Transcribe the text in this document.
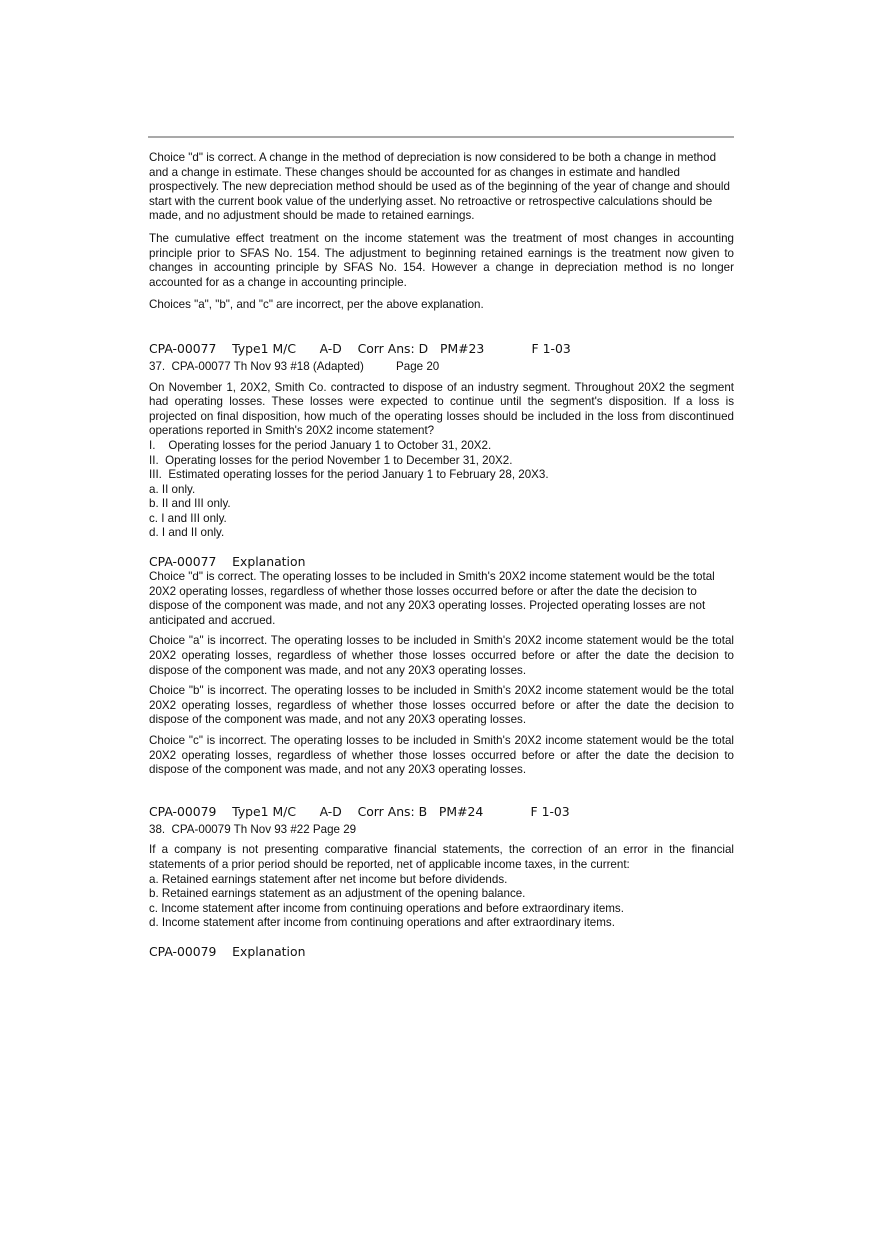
Choice "d" is correct. A change in the method of depreciation is now considered to be both a change in method and a change in estimate. These changes should be accounted for as changes in estimate and handled prospectively. The new depreciation method should be used as of the beginning of the year of change and should start with the current book value of the underlying asset. No retroactive or retrospective calculations should be made, and no adjustment should be made to retained earnings.

The cumulative effect treatment on the income statement was the treatment of most changes in accounting principle prior to SFAS No. 154. The adjustment to beginning retained earnings is the treatment now given to changes in accounting principle by SFAS No. 154. However a change in depreciation method is no longer accounted for as a change in accounting principle.

Choices "a", "b", and "c" are incorrect, per the above explanation.

CPA-00077    Type1 M/C      A-D    Corr Ans: D   PM#23            F 1-03

37.  CPA-00077 Th Nov 93 #18 (Adapted)          Page 20

On November 1, 20X2, Smith Co. contracted to dispose of an industry segment. Throughout 20X2 the segment had operating losses. These losses were expected to continue until the segment's disposition. If a loss is projected on final disposition, how much of the operating losses should be included in the loss from discontinued operations reported in Smith's 20X2 income statement?

I.    Operating losses for the period January 1 to October 31, 20X2.
II.  Operating losses for the period November 1 to December 31, 20X2.
III.  Estimated operating losses for the period January 1 to February 28, 20X3.
a. II only.
b. II and III only.
c. I and III only.
d. I and II only.
CPA-00077    Explanation

Choice "d" is correct. The operating losses to be included in Smith's 20X2 income statement would be the total 20X2 operating losses, regardless of whether those losses occurred before or after the date the decision to dispose of the component was made, and not any 20X3 operating losses. Projected operating losses are not anticipated and accrued.

Choice "a" is incorrect. The operating losses to be included in Smith's 20X2 income statement would be the total 20X2 operating losses, regardless of whether those losses occurred before or after the date the decision to dispose of the component was made, and not any 20X3 operating losses.

Choice "b" is incorrect. The operating losses to be included in Smith's 20X2 income statement would be the total 20X2 operating losses, regardless of whether those losses occurred before or after the date the decision to dispose of the component was made, and not any 20X3 operating losses.

Choice "c" is incorrect. The operating losses to be included in Smith's 20X2 income statement would be the total 20X2 operating losses, regardless of whether those losses occurred before or after the date the decision to dispose of the component was made, and not any 20X3 operating losses.

CPA-00079    Type1 M/C      A-D    Corr Ans: B   PM#24            F 1-03

38.  CPA-00079 Th Nov 93 #22 Page 29

If a company is not presenting comparative financial statements, the correction of an error in the financial statements of a prior period should be reported, net of applicable income taxes, in the current:

a. Retained earnings statement after net income but before dividends.
b. Retained earnings statement as an adjustment of the opening balance.
c. Income statement after income from continuing operations and before extraordinary items.
d. Income statement after income from continuing operations and after extraordinary items.
CPA-00079    Explanation
